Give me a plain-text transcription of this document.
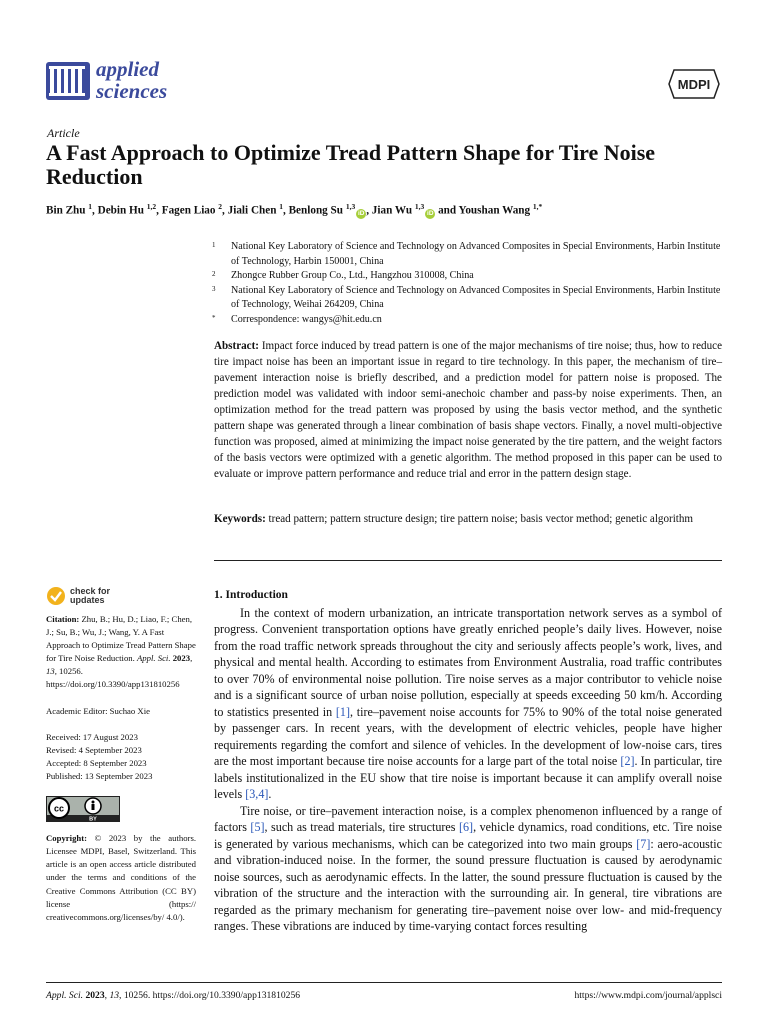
applied
sciences	MDPI
Article
A Fast Approach to Optimize Tread Pattern Shape for Tire Noise Reduction
Bin Zhu $^1$, Debin Hu $^{1,2}$, Fagen Liao $^2$, Jiali Chen $^1$, Benlong Su $^{1,3}$iD , Jian Wu $^{1,3}$iD and Youshan Wang $^{1,*}$
1	National Key Laboratory of Science and Technology on Advanced Composites in Special Environments, Harbin Institute of Technology, Harbin 150001, China
2	Zhongce Rubber Group Co., Ltd., Hangzhou 310008, China
3	National Key Laboratory of Science and Technology on Advanced Composites in Special Environments, Harbin Institute of Technology, Weihai 264209, China
*	Correspondence: wangys@hit.edu.cn
Abstract: Impact force induced by tread pattern is one of the major mechanisms of tire noise; thus, how to reduce tire impact noise has been an important issue in regard to tire technology. In this paper, the mechanism of tire–pavement interaction noise is briefly described, and a prediction model for pattern noise is proposed. The prediction model was validated with indoor semi-anechoic chamber and pass-by noise experiments. Then, an optimization method for the tread pattern was proposed by using the basis vector method, and the synthetic pattern shape was generated through a linear combination of basis shape vectors. Finally, a novel multi-objective function was proposed, aimed at minimizing the impact noise generated by the tire pattern, and the weight factors of the basis vectors were optimized with a genetic algorithm. The method proposed in this paper can be used to evaluate or improve pattern performance and reduce trial and error in the pattern design stage.
Keywords: tread pattern; pattern structure design; tire pattern noise; basis vector method; genetic algorithm
check for
updates
Citation: Zhu, B.; Hu, D.; Liao, F.; Chen, J.; Su, B.; Wu, J.; Wang, Y. A Fast Approach to Optimize Tread Pattern Shape for Tire Noise Reduction. Appl. Sci. 2023, 13, 10256. https://doi.org/10.3390/app131810256
Academic Editor: Suchao Xie
Received: 17 August 2023
Revised: 4 September 2023
Accepted: 8 September 2023
Published: 13 September 2023
cc
BY
Copyright: © 2023 by the authors. Licensee MDPI, Basel, Switzerland. This article is an open access article distributed under the terms and conditions of the Creative Commons Attribution (CC BY) license (https:// creativecommons.org/licenses/by/ 4.0/).
1. Introduction

In the context of modern urbanization, an intricate transportation network serves as a symbol of progress. Convenient transportation options have greatly enriched people’s daily lives. However, noise from the road traffic network spreads throughout the city and seriously affects people’s work, lives, and physical and mental health. According to estimates from Environment Australia, road traffic contributes to over 70% of environmental noise pollution. Tire noise serves as a major contributor to vehicle noise and is a significant source of urban noise pollution, especially at speeds exceeding 50 km/h. According to statistics presented in [1], tire–pavement noise accounts for 75% to 90% of the total noise generated by passenger cars. In recent years, with the development of electric vehicles, people have higher requirements regarding the comfort and silence of vehicles. In the development of low-noise cars, tires are the most important because tire noise accounts for a large part of the total noise [2]. In particular, tire labels institutionalized in the EU show that tire noise is important because it can amplify overall noise levels [3,4].

Tire noise, or tire–pavement interaction noise, is a complex phenomenon influenced by a range of factors [5], such as tread materials, tire structures [6], vehicle dynamics, road conditions, etc. Tire noise is generated by various mechanisms, which can be categorized into two main groups [7]: aero-acoustic and vibration-induced noise. In the former, the sound pressure fluctuation is caused by aerodynamic noise sources, such as aerodynamic effects. In the latter, the sound pressure fluctuation is caused by the vibration of the structure and the interaction with the surrounding air. In general, tire vibrations are regarded as the primary mechanism for generating tire–pavement noise over low- and mid-frequency ranges. These vibrations are induced by time-varying contact forces resulting

Appl. Sci. 2023, 13, 10256. https://doi.org/10.3390/app131810256	https://www.mdpi.com/journal/applsci
